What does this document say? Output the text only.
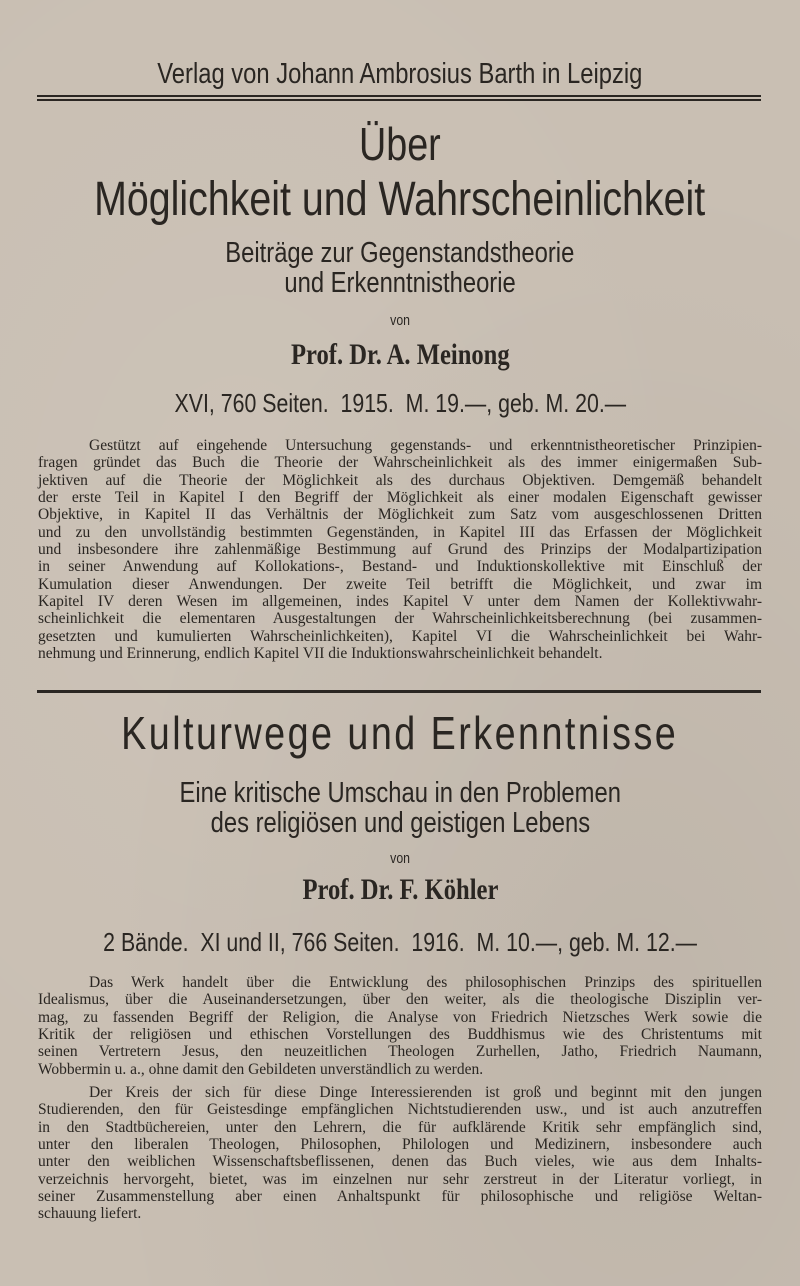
Verlag von Johann Ambrosius Barth in Leipzig
Über
Möglichkeit und Wahrscheinlichkeit
Beiträge zur Gegenstandstheorie
und Erkenntnistheorie
von
Prof. Dr. A. Meinong
XVI, 760 Seiten.  1915.  M. 19.—, geb. M. 20.—
Gestützt auf eingehende Untersuchung gegenstands- und erkenntnistheoretischer Prinzipien-
fragen gründet das Buch die Theorie der Wahrscheinlichkeit als des immer einigermaßen Sub-
jektiven auf die Theorie der Möglichkeit als des durchaus Objektiven. Demgemäß behandelt
der erste Teil in Kapitel I den Begriff der Möglichkeit als einer modalen Eigenschaft gewisser
Objektive, in Kapitel II das Verhältnis der Möglichkeit zum Satz vom ausgeschlossenen Dritten
und zu den unvollständig bestimmten Gegenständen, in Kapitel III das Erfassen der Möglichkeit
und insbesondere ihre zahlenmäßige Bestimmung auf Grund des Prinzips der Modalpartizipation
in seiner Anwendung auf Kollokations-, Bestand- und Induktionskollektive mit Einschluß der
Kumulation dieser Anwendungen. Der zweite Teil betrifft die Möglichkeit, und zwar im
Kapitel IV deren Wesen im allgemeinen, indes Kapitel V unter dem Namen der Kollektivwahr-
scheinlichkeit die elementaren Ausgestaltungen der Wahrscheinlichkeitsberechnung (bei zusammen-
gesetzten und kumulierten Wahrscheinlichkeiten), Kapitel VI die Wahrscheinlichkeit bei Wahr-
nehmung und Erinnerung, endlich Kapitel VII die Induktionswahrscheinlichkeit behandelt.
Kulturwege und Erkenntnisse
Eine kritische Umschau in den Problemen
des religiösen und geistigen Lebens
von
Prof. Dr. F. Köhler
2 Bände.  XI und II, 766 Seiten.  1916.  M. 10.—, geb. M. 12.—
Das Werk handelt über die Entwicklung des philosophischen Prinzips des spirituellen
Idealismus, über die Auseinandersetzungen, über den weiter, als die theologische Disziplin ver-
mag, zu fassenden Begriff der Religion, die Analyse von Friedrich Nietzsches Werk sowie die
Kritik der religiösen und ethischen Vorstellungen des Buddhismus wie des Christentums mit
seinen Vertretern Jesus, den neuzeitlichen Theologen Zurhellen, Jatho, Friedrich Naumann,
Wobbermin u. a., ohne damit den Gebildeten unverständlich zu werden.
Der Kreis der sich für diese Dinge Interessierenden ist groß und beginnt mit den jungen
Studierenden, den für Geistesdinge empfänglichen Nichtstudierenden usw., und ist auch anzutreffen
in den Stadtbüchereien, unter den Lehrern, die für aufklärende Kritik sehr empfänglich sind,
unter den liberalen Theologen, Philosophen, Philologen und Medizinern, insbesondere auch
unter den weiblichen Wissenschaftsbeflissenen, denen das Buch vieles, wie aus dem Inhalts-
verzeichnis hervorgeht, bietet, was im einzelnen nur sehr zerstreut in der Literatur vorliegt, in
seiner Zusammenstellung aber einen Anhaltspunkt für philosophische und religiöse Weltan-
schauung liefert.
